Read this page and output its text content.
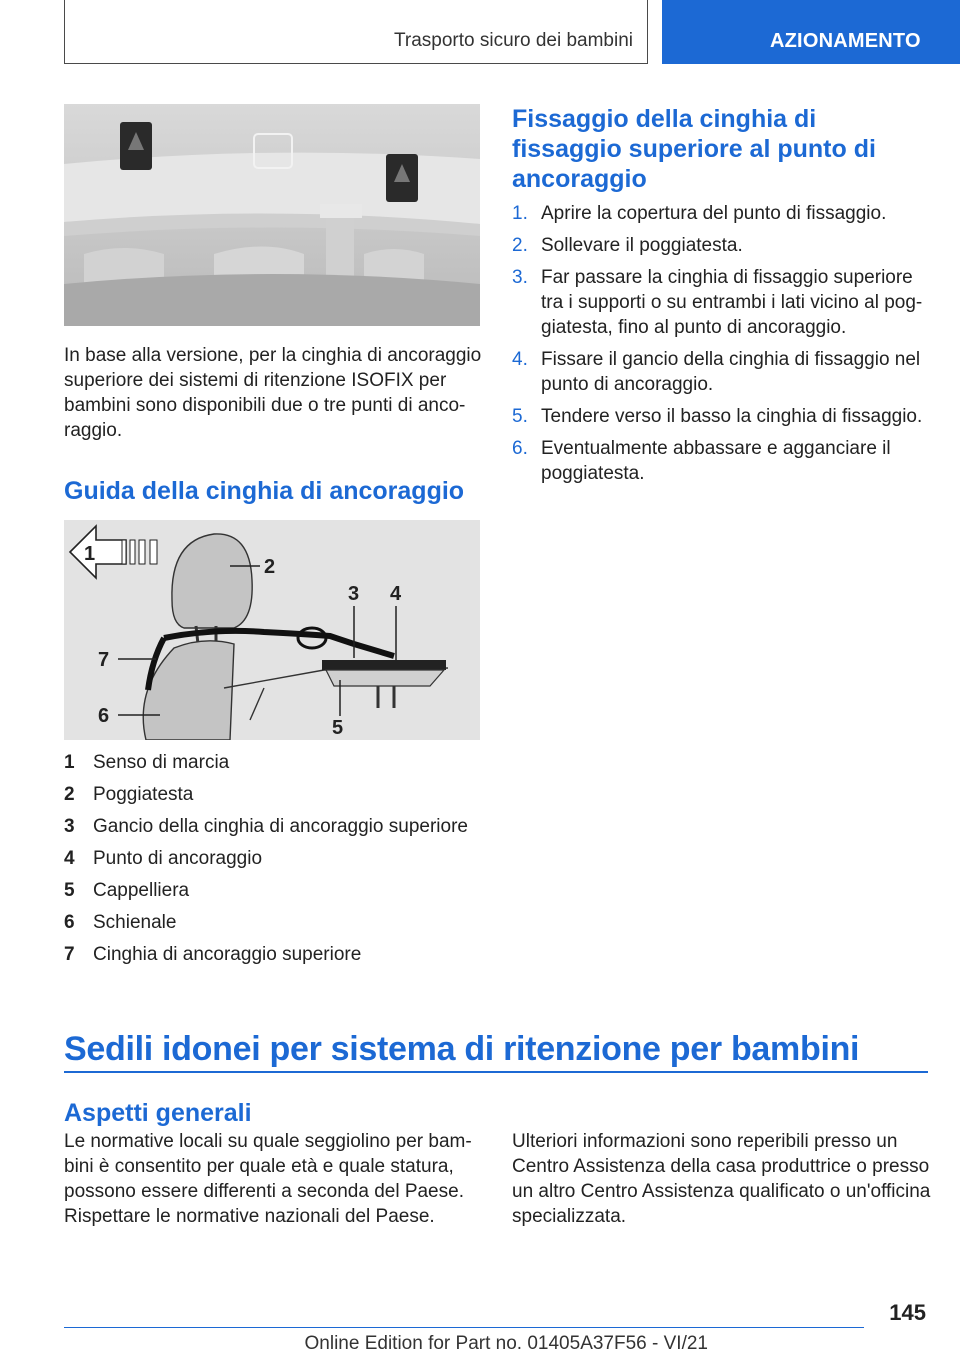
Trasporto sicuro dei bambini	AZIONAMENTO

In base alla versione, per la cinghia di ancoraggio superiore dei sistemi di ritenzione ISOFIX per bambini sono disponibili due o tre punti di anco‐raggio.

Guida della cinghia di ancoraggio
1
2
3 4
5
6
7
1 Senso di marcia
2 Poggiatesta
3 Gancio della cinghia di ancoraggio superiore
4 Punto di ancoraggio
5 Cappelliera
6 Schienale
7 Cinghia di ancoraggio superiore
Fissaggio della cinghia di fissaggio superiore al punto di ancoraggio
1. Aprire la copertura del punto di fissaggio.
2. Sollevare il poggiatesta.
3. Far passare la cinghia di fissaggio superiore tra i supporti o su entrambi i lati vicino al pog‐giatesta, fino al punto di ancoraggio.
4. Fissare il gancio della cinghia di fissaggio nel punto di ancoraggio.
5. Tendere verso il basso la cinghia di fissaggio.
6. Eventualmente abbassare e agganciare il poggiatesta.
Sedili idonei per sistema di ritenzione per bambini
Aspetti generali

Le normative locali su quale seggiolino per bam‐bini è consentito per quale età e quale statura, possono essere differenti a seconda del Paese. Rispettare le normative nazionali del Paese.

Ulteriori informazioni sono reperibili presso un Centro Assistenza della casa produttrice o presso un altro Centro Assistenza qualificato o un'officina specializzata.

145
Online Edition for Part no. 01405A37F56 - VI/21
